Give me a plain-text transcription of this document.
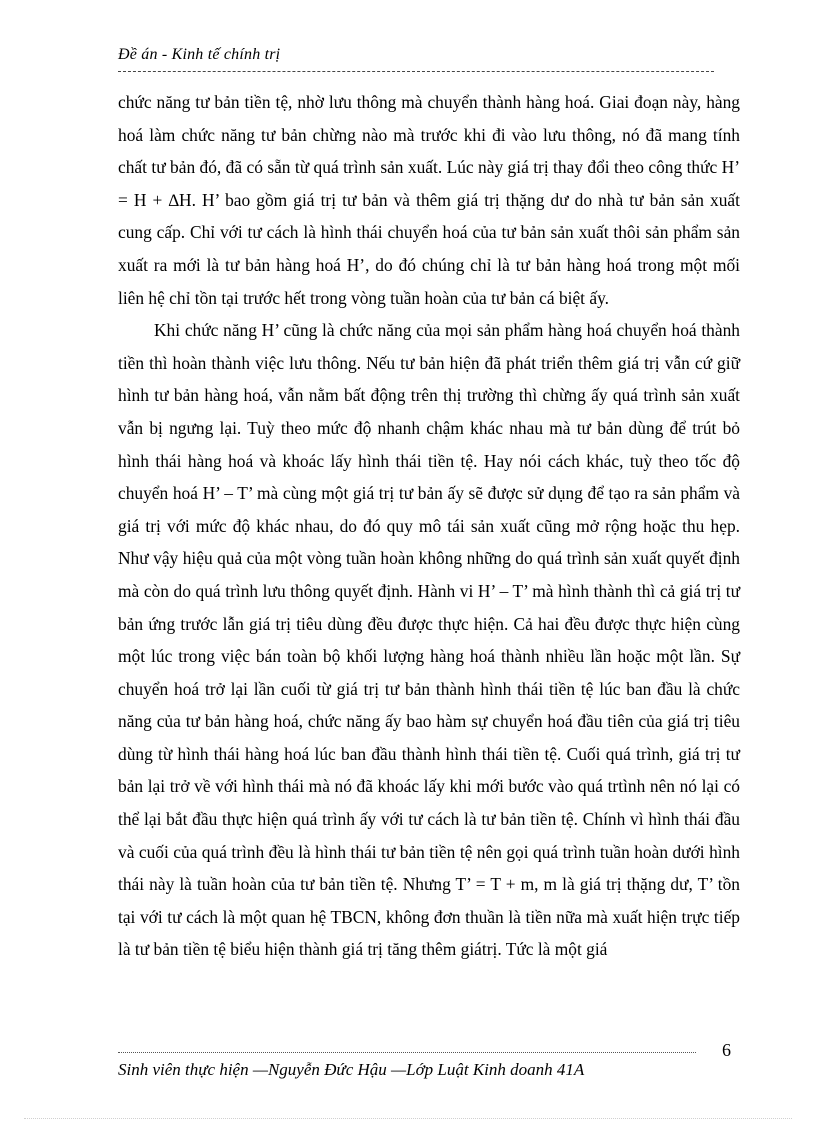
Đề án - Kinh tế chính trị

chức năng tư bản tiền tệ, nhờ lưu thông mà chuyển thành hàng hoá. Giai đoạn này, hàng hoá làm chức năng tư bản chừng nào mà trước khi đi vào lưu thông, nó đã mang tính chất tư bản đó, đã có sẵn từ quá trình sản xuất. Lúc này giá trị thay đổi theo công thức H’ = H + ∆H. H’ bao gồm giá trị tư bản và thêm giá trị thặng dư do nhà tư bản sản xuất cung cấp. Chỉ với tư cách là hình thái chuyển hoá của tư bản sản xuất thôi sản phẩm sản xuất ra mới là tư bản hàng hoá H’, do đó chúng chỉ là tư bản hàng hoá trong một mối liên hệ chỉ tồn tại trước hết trong vòng tuần hoàn của tư bản cá biệt ấy.

Khi chức năng H’ cũng là chức năng của mọi sản phẩm hàng hoá chuyển hoá thành tiền thì hoàn thành việc lưu thông. Nếu tư bản hiện đã phát triển thêm giá trị vẫn cứ giữ hình tư bản hàng hoá, vẫn nằm bất động trên thị trường thì chừng ấy quá trình sản xuất vẫn bị ngưng lại. Tuỳ theo mức độ nhanh chậm khác nhau mà tư bản dùng để trút bỏ hình thái hàng hoá và khoác lấy hình thái tiền tệ. Hay nói cách khác, tuỳ theo tốc độ chuyển hoá H’ – T’ mà cùng một giá trị tư bản ấy sẽ được sử dụng để tạo ra sản phẩm và giá trị với mức độ khác nhau, do đó quy mô tái sản xuất cũng mở rộng hoặc thu hẹp. Như vậy hiệu quả của một vòng tuần hoàn không những do quá trình sản xuất quyết định mà còn do quá trình lưu thông quyết định. Hành vi H’ – T’ mà hình thành thì cả giá trị tư bản ứng trước lẫn giá trị tiêu dùng đều được thực hiện. Cả hai đều được thực hiện cùng một lúc trong việc bán toàn bộ khối lượng hàng hoá thành nhiều lần hoặc một lần. Sự chuyển hoá trở lại lần cuối từ giá trị tư bản thành hình thái tiền tệ lúc ban đầu là chức năng của tư bản hàng hoá, chức năng ấy bao hàm sự chuyển hoá đầu tiên của giá trị tiêu dùng từ hình thái hàng hoá lúc ban đầu thành hình thái tiền tệ. Cuối quá trình, giá trị tư bản lại trở về với hình thái mà nó đã khoác lấy khi mới bước vào quá trtình nên nó lại có thể lại bắt đầu thực hiện quá trình ấy với tư cách là tư bản tiền tệ. Chính vì hình thái đầu và cuối của quá trình đều là hình thái tư bản tiền tệ nên gọi quá trình tuần hoàn dưới hình thái này là tuần hoàn của tư bản tiền tệ. Nhưng T’ = T + m, m là giá trị thặng dư, T’ tồn tại với tư cách là một quan hệ TBCN, không đơn thuần là tiền nữa mà xuất hiện trực tiếp là tư bản tiền tệ biểu hiện thành giá trị tăng thêm giátrị. Tức là một giá

6
Sinh viên thực hiện —Nguyễn Đức Hậu —Lớp Luật Kinh doanh 41A
